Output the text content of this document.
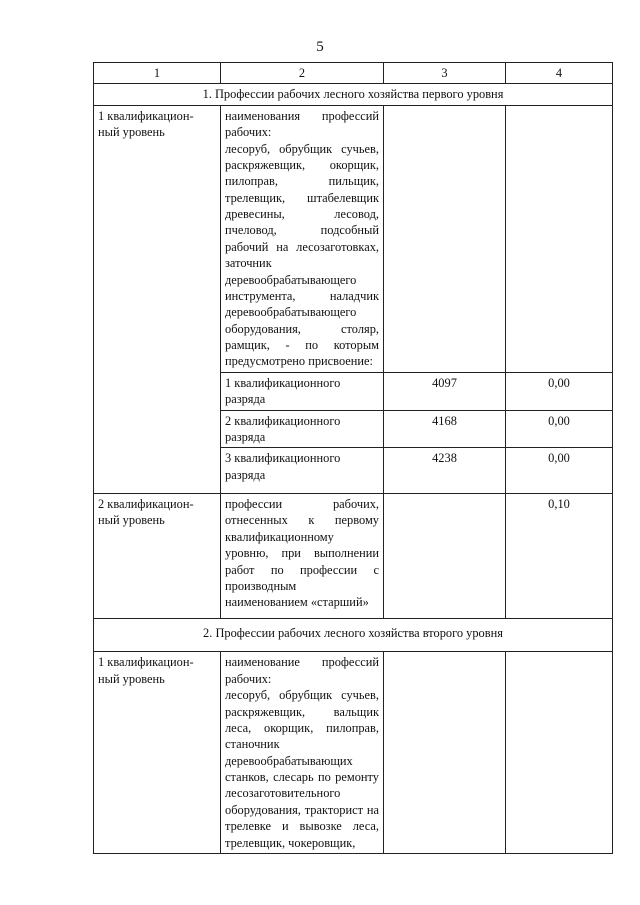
5
1	2	3	4
1. Профессии рабочих лесного хозяйства первого уровня			
1 квалификацион-
ный уровень	наименования профессий рабочих:
лесоруб, обрубщик сучьев, раскряжевщик, окорщик, пилоправ, пильщик, трелевщик, штабелевщик древесины, лесовод, пчеловод, подсобный рабочий на лесозаготовках, заточник деревообрабатывающего инструмента, наладчик деревообрабатывающего оборудования, столяр, рамщик, - по которым предусмотрено присвоение:		
	1 квалификационного разряда	4097	0,00
	2 квалификационного разряда	4168	0,00
	3 квалификационного разряда	4238	0,00
2 квалификацион-
ный уровень	профессии рабочих, отнесенных к первому квалификационному уровню, при выполнении работ по профессии с производным наименованием «старший»		0,10
2. Профессии рабочих лесного хозяйства второго уровня			
1 квалификацион-
ный уровень	наименование профессий рабочих:
лесоруб, обрубщик сучьев, раскряжевщик, вальщик леса, окорщик, пилоправ, станочник деревообрабатывающих станков, слесарь по ремонту лесозаготовительного оборудования, тракторист на трелевке и вывозке леса, трелевщик, чокеровщик,		
